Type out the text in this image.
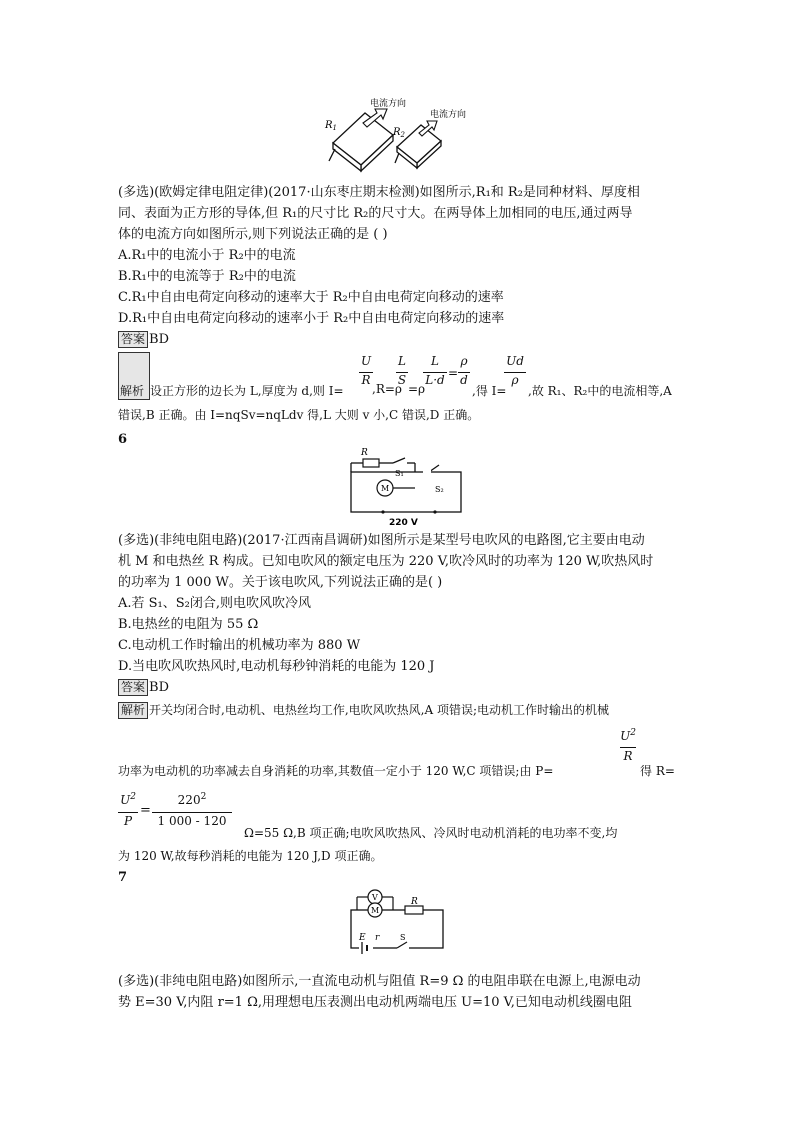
电流方向
电流方向
$R_1$	$R_2$
(多选)(欧姆定律电阻定律)(2017·山东枣庄期末检测)如图所示,R₁和 R₂是同种材料、厚度相
同、表面为正方形的导体,但 R₁的尺寸比 R₂的尺寸大。在两导体上加相同的电压,通过两导
体的电流方向如图所示,则下列说法正确的是 ( )
A.R₁中的电流小于 R₂中的电流
B.R₁中的电流等于 R₂中的电流
C.R₁中自由电荷定向移动的速率大于 R₂中自由电荷定向移动的速率
D.R₁中自由电荷定向移动的速率小于 R₂中自由电荷定向移动的速率
答案 BD
解析 设正方形的边长为 L,厚度为 d,则 I=
U
R
,R=ρ
L
S
=ρ
L
L·d =
ρ
d
,得 I=
Ud
ρ
,故 R₁、R₂中的电流相等,A
错误,B 正确。由 I=nqSv=nqLdv 得,L 大则 v 小,C 错误,D 正确。
6
R
S₁
S₂
M
220 V
(多选)(非纯电阻电路)(2017·江西南昌调研)如图所示是某型号电吹风的电路图,它主要由电动
机 M 和电热丝 R 构成。已知电吹风的额定电压为 220 V,吹冷风时的功率为 120 W,吹热风时
的功率为 1 000 W。关于该电吹风,下列说法正确的是( )
A.若 S₁、S₂闭合,则电吹风吹冷风
B.电热丝的电阻为 55 Ω
C.电动机工作时输出的机械功率为 880 W
D.当电吹风吹热风时,电动机每秒钟消耗的电能为 120 J
答案 BD
解析 开关均闭合时,电动机、电热丝均工作,电吹风吹热风,A 项错误;电动机工作时输出的机械
$U^2$
R
功率为电动机的功率减去自身消耗的功率,其数值一定小于 120 W,C 项错误;由 P=	得 R=
$U^2$
P
=
$220^2$
1 000 - 120
Ω=55 Ω,B 项正确;电吹风吹热风、冷风时电动机消耗的电功率不变,均
为 120 W,故每秒消耗的电能为 120 J,D 项正确。
7
V
M
R
E r	S
(多选)(非纯电阻电路)如图所示,一直流电动机与阻值 R=9 Ω 的电阻串联在电源上,电源电动
势 E=30 V,内阻 r=1 Ω,用理想电压表测出电动机两端电压 U=10 V,已知电动机线圈电阻
